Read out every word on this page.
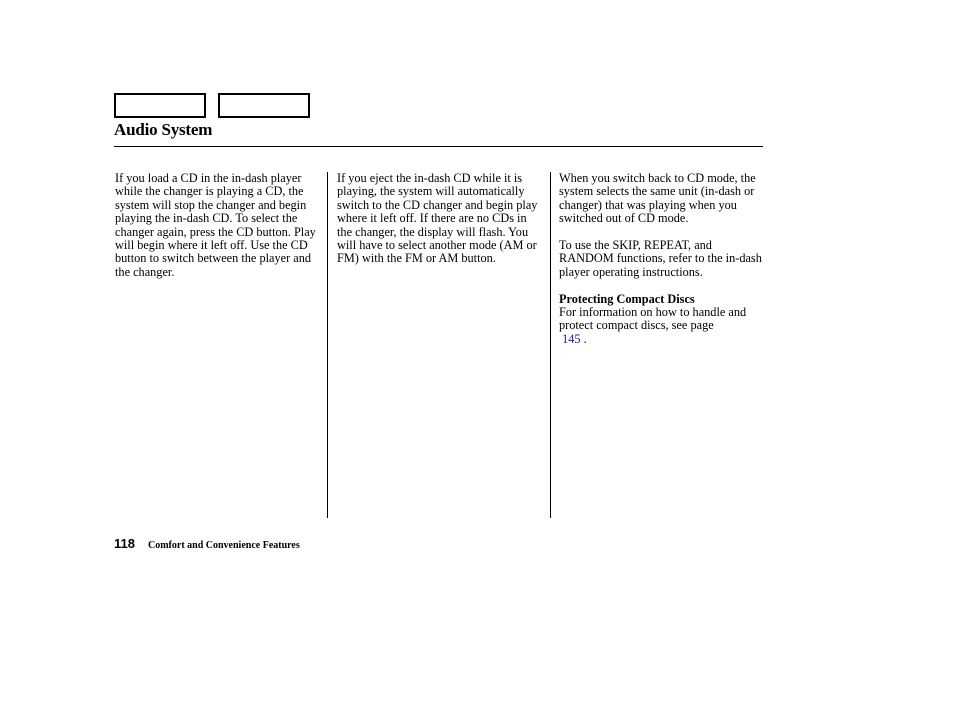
Audio System

If you load a CD in the in-dash player while the changer is playing a CD, the system will stop the changer and begin playing the in-dash CD. To select the changer again, press the CD button. Play will begin where it left off. Use the CD button to switch between the player and the changer.

If you eject the in-dash CD while it is playing, the system will automatically switch to the CD changer and begin play where it left off. If there are no CDs in the changer, the display will flash. You will have to select another mode (AM or FM) with the FM or AM button.

When you switch back to CD mode, the system selects the same unit (in-dash or changer) that was playing when you switched out of CD mode.

To use the SKIP, REPEAT, and RANDOM functions, refer to the in-dash player operating instructions.

Protecting Compact Discs
For information on how to handle and protect compact discs, see page
145 .
118 Comfort and Convenience Features
